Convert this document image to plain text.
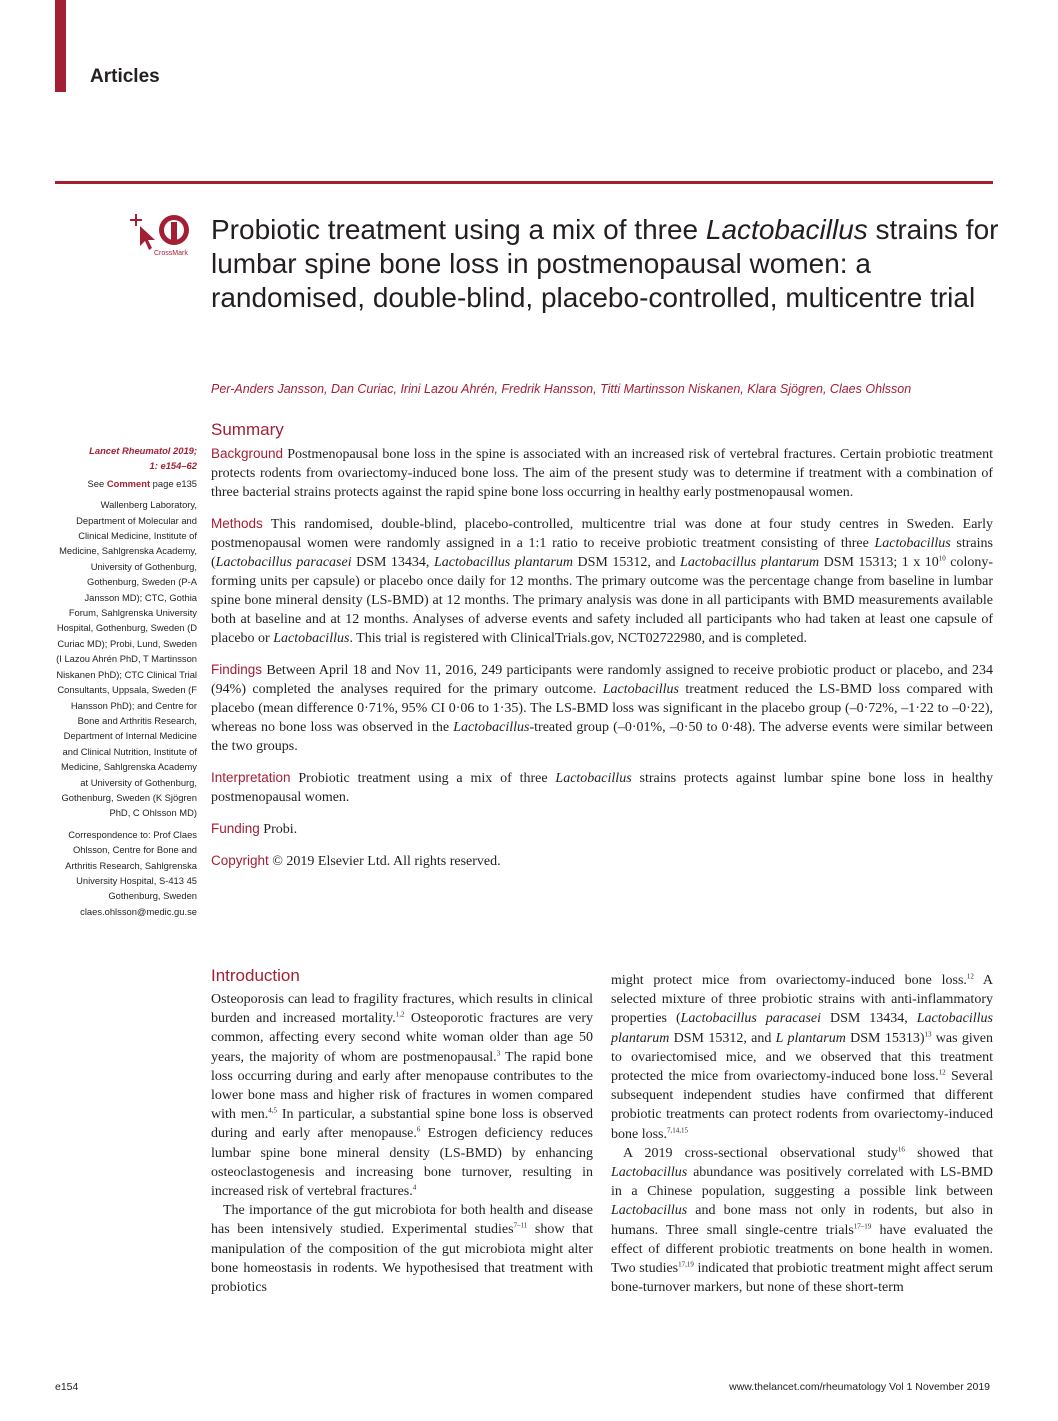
Articles
CrossMark
Probiotic treatment using a mix of three Lactobacillus strains for lumbar spine bone loss in postmenopausal women: a randomised, double-blind, placebo-controlled, multicentre trial
Per-Anders Jansson, Dan Curiac, Irini Lazou Ahrén, Fredrik Hansson, Titti Martinsson Niskanen, Klara Sjögren, Claes Ohlsson
Lancet Rheumatol 2019;
1: e154–62
See Comment page e135
Wallenberg Laboratory, Department of Molecular and Clinical Medicine, Institute of Medicine, Sahlgrenska Academy, University of Gothenburg, Gothenburg, Sweden (P-A Jansson MD); CTC, Gothia Forum, Sahlgrenska University Hospital, Gothenburg, Sweden (D Curiac MD); Probi, Lund, Sweden (I Lazou Ahrén PhD, T Martinsson Niskanen PhD); CTC Clinical Trial Consultants, Uppsala, Sweden (F Hansson PhD); and Centre for Bone and Arthritis Research, Department of Internal Medicine and Clinical Nutrition, Institute of Medicine, Sahlgrenska Academy at University of Gothenburg, Gothenburg, Sweden (K Sjögren PhD, C Ohlsson MD)
Correspondence to: Prof Claes Ohlsson, Centre for Bone and Arthritis Research, Sahlgrenska University Hospital, S-413 45 Gothenburg, Sweden claes.ohlsson@medic.gu.se
Summary

Background Postmenopausal bone loss in the spine is associated with an increased risk of vertebral fractures. Certain probiotic treatment protects rodents from ovariectomy-induced bone loss. The aim of the present study was to determine if treatment with a combination of three bacterial strains protects against the rapid spine bone loss occurring in healthy early postmenopausal women.

Methods This randomised, double-blind, placebo-controlled, multicentre trial was done at four study centres in Sweden. Early postmenopausal women were randomly assigned in a 1:1 ratio to receive probiotic treatment consisting of three Lactobacillus strains (Lactobacillus paracasei DSM 13434, Lactobacillus plantarum DSM 15312, and Lactobacillus plantarum DSM 15313; 1 x $10^{10}$ colony-forming units per capsule) or placebo once daily for 12 months. The primary outcome was the percentage change from baseline in lumbar spine bone mineral density (LS-BMD) at 12 months. The primary analysis was done in all participants with BMD measurements available both at baseline and at 12 months. Analyses of adverse events and safety included all participants who had taken at least one capsule of placebo or Lactobacillus. This trial is registered with ClinicalTrials.gov, NCT02722980, and is completed.

Findings Between April 18 and Nov 11, 2016, 249 participants were randomly assigned to receive probiotic product or placebo, and 234 (94%) completed the analyses required for the primary outcome. Lactobacillus treatment reduced the LS-BMD loss compared with placebo (mean difference 0·71%, 95% CI 0·06 to 1·35). The LS-BMD loss was significant in the placebo group (–0·72%, –1·22 to –0·22), whereas no bone loss was observed in the Lactobacillus-treated group (–0·01%, –0·50 to 0·48). The adverse events were similar between the two groups.

Interpretation Probiotic treatment using a mix of three Lactobacillus strains protects against lumbar spine bone loss in healthy postmenopausal women.

Funding Probi.

Copyright © 2019 Elsevier Ltd. All rights reserved.

Introduction

Osteoporosis can lead to fragility fractures, which results in clinical burden and increased mortality.$^{1,2}$ Osteoporotic fractures are very common, affecting every second white woman older than age 50 years, the majority of whom are postmenopausal.$^3$ The rapid bone loss occurring during and early after menopause contributes to the lower bone mass and higher risk of fractures in women compared with men.$^{4,5}$ In particular, a substantial spine bone loss is observed during and early after menopause.$^6$ Estrogen deficiency reduces lumbar spine bone mineral density (LS-BMD) by enhancing osteoclastogenesis and increasing bone turnover, resulting in increased risk of vertebral fractures.$^4$

The importance of the gut microbiota for both health and disease has been intensively studied. Experimental studies$^{7-11}$ show that manipulation of the composition of the gut microbiota might alter bone homeostasis in rodents. We hypothesised that treatment with probiotics

might protect mice from ovariectomy-induced bone loss.$^{12}$ A selected mixture of three probiotic strains with anti-inflammatory properties (Lactobacillus paracasei DSM 13434, Lactobacillus plantarum DSM 15312, and L plantarum DSM 15313)$^{13}$ was given to ovariectomised mice, and we observed that this treatment protected the mice from ovariectomy-induced bone loss.$^{12}$ Several subsequent independent studies have confirmed that different probiotic treatments can protect rodents from ovariectomy-induced bone loss.$^{7,14,15}$

A 2019 cross-sectional observational study$^{16}$ showed that Lactobacillus abundance was positively correlated with LS-BMD in a Chinese population, suggesting a possible link between Lactobacillus and bone mass not only in rodents, but also in humans. Three small single-centre trials$^{17-19}$ have evaluated the effect of different probiotic treatments on bone health in women. Two studies$^{17,19}$ indicated that probiotic treatment might affect serum bone-turnover markers, but none of these short-term

e154	www.thelancet.com/rheumatology Vol 1 November 2019
